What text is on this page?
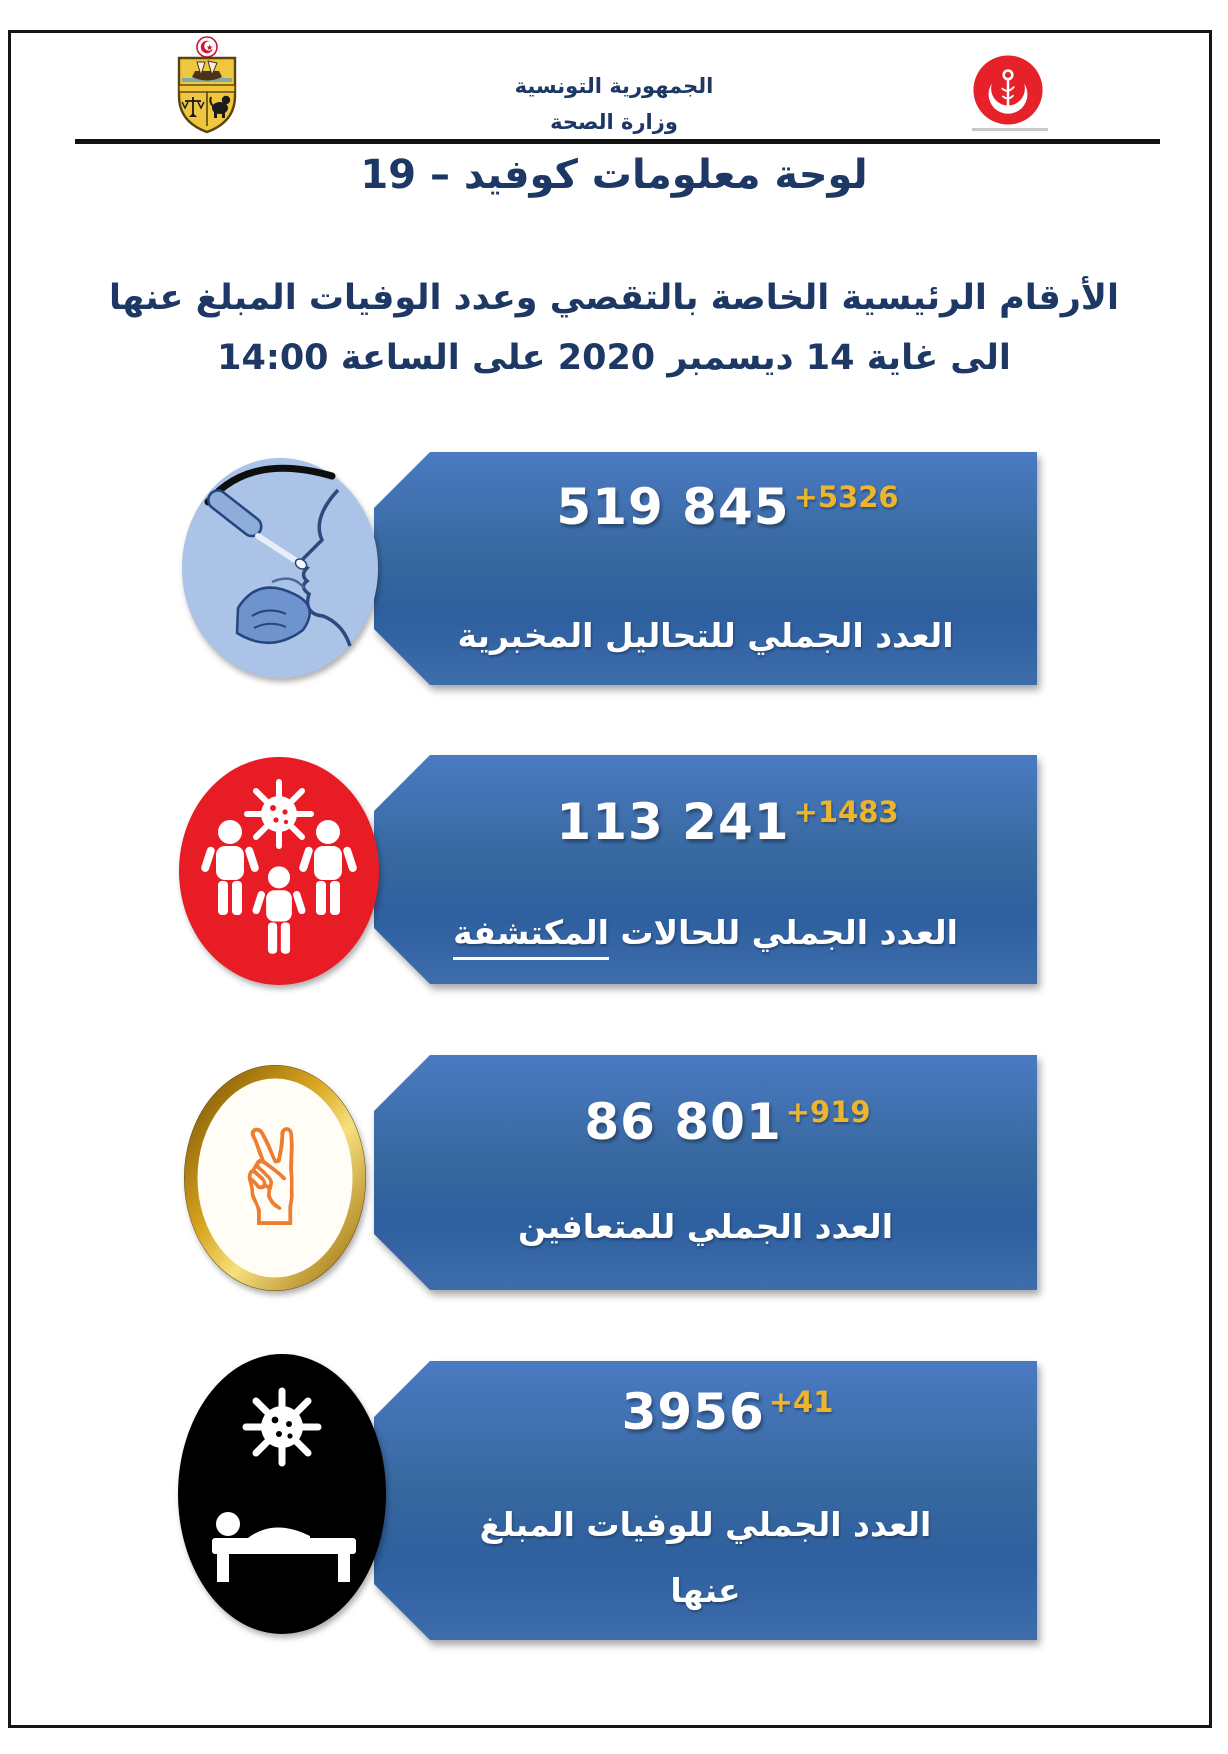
الجمهورية التونسية
وزارة الصحة
لوحة معلومات كوفيد – 19
الأرقام الرئيسية الخاصة بالتقصي وعدد الوفيات المبلغ عنها
الى غاية 14 ديسمبر 2020 على الساعة 14:00
519 845 +5326
العدد الجملي للتحاليل المخبرية
113 241 +1483
العدد الجملي للحالات المكتشفة
86 801 +919
العدد الجملي للمتعافين
✌
3956 +41
العدد الجملي للوفيات المبلغ
عنها
